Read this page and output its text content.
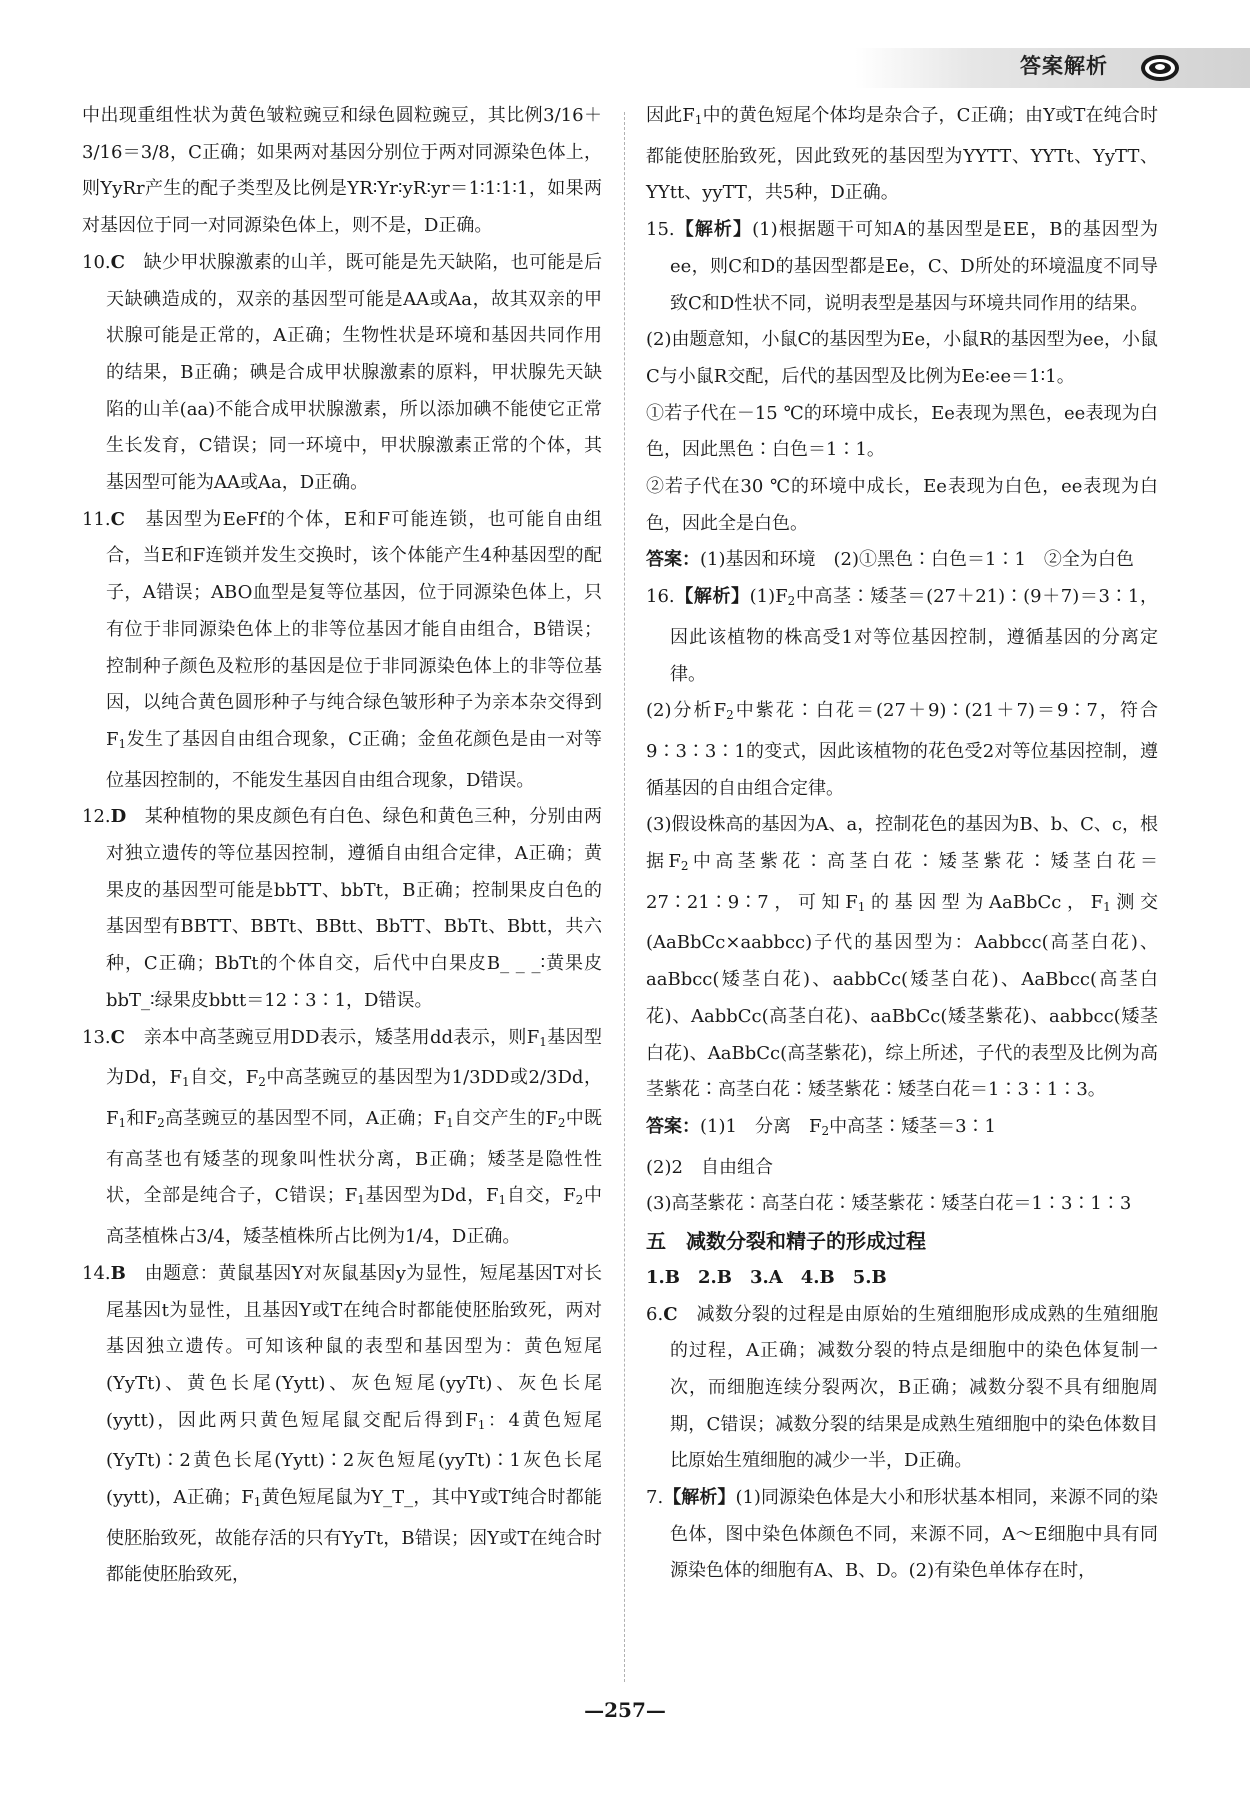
答案解析

中出现重组性状为黄色皱粒豌豆和绿色圆粒豌豆，其比例3/16＋3/16＝3/8，C正确；如果两对基因分别位于两对同源染色体上，则YyRr产生的配子类型及比例是YR∶Yr∶yR∶yr＝1∶1∶1∶1，如果两对基因位于同一对同源染色体上，则不是，D正确。

10.C　 缺少甲状腺激素的山羊，既可能是先天缺陷，也可能是后天缺碘造成的，双亲的基因型可能是AA或Aa，故其双亲的甲状腺可能是正常的，A正确；生物性状是环境和基因共同作用的结果，B正确；碘是合成甲状腺激素的原料，甲状腺先天缺陷的山羊(aa)不能合成甲状腺激素，所以添加碘不能使它正常生长发育，C错误；同一环境中，甲状腺激素正常的个体，其基因型可能为AA或Aa，D正确。

11.C　 基因型为EeFf的个体，E和F可能连锁，也可能自由组合，当E和F连锁并发生交换时，该个体能产生4种基因型的配子，A错误；ABO血型是复等位基因，位于同源染色体上，只有位于非同源染色体上的非等位基因才能自由组合，B错误；控制种子颜色及粒形的基因是位于非同源染色体上的非等位基因，以纯合黄色圆形种子与纯合绿色皱形种子为亲本杂交得到$F_1$发生了基因自由组合现象，C正确；金鱼花颜色是由一对等位基因控制的，不能发生基因自由组合现象，D错误。

12.D　 某种植物的果皮颜色有白色、绿色和黄色三种，分别由两对独立遗传的等位基因控制，遵循自由组合定律，A正确；黄果皮的基因型可能是bbTT、bbTt，B正确；控制果皮白色的基因型有BBTT、BBTt、BBtt、BbTT、BbTt、Bbtt，共六种，C正确；BbTt的个体自交，后代中白果皮B_ _ _∶黄果皮bbT_∶绿果皮bbtt＝12∶3∶1，D错误。

13.C　 亲本中高茎豌豆用DD表示，矮茎用dd表示，则$F_1$基因型为Dd，$F_1$自交，$F_2$中高茎豌豆的基因型为1/3DD或2/3Dd，$F_1$和$F_2$高茎豌豆的基因型不同，A正确；$F_1$自交产生的$F_2$中既有高茎也有矮茎的现象叫性状分离，B正确；矮茎是隐性性状，全部是纯合子，C错误；$F_1$基因型为Dd，$F_1$自交，$F_2$中高茎植株占3/4，矮茎植株所占比例为1/4，D正确。

14.B　 由题意：黄鼠基因Y对灰鼠基因y为显性，短尾基因T对长尾基因t为显性，且基因Y或T在纯合时都能使胚胎致死，两对基因独立遗传。可知该种鼠的表型和基因型为：黄色短尾(YyTt)、黄色长尾(Yytt)、灰色短尾(yyTt)、灰色长尾(yytt)，因此两只黄色短尾鼠交配后得到$F_1$：4黄色短尾(YyTt)∶2黄色长尾(Yytt)∶2灰色短尾(yyTt)∶1灰色长尾(yytt)，A正确；$F_1$黄色短尾鼠为Y_T_，其中Y或T纯合时都能使胚胎致死，故能存活的只有YyTt，B错误；因Y或T在纯合时都能使胚胎致死，

因此$F_1$中的黄色短尾个体均是杂合子，C正确；由Y或T在纯合时都能使胚胎致死，因此致死的基因型为YYTT、YYTt、YyTT、YYtt、yyTT，共5种，D正确。

15.【解析】(1)根据题干可知A的基因型是EE，B的基因型为ee，则C和D的基因型都是Ee，C、D所处的环境温度不同导致C和D性状不同，说明表型是基因与环境共同作用的结果。

(2)由题意知，小鼠C的基因型为Ee，小鼠R的基因型为ee，小鼠C与小鼠R交配，后代的基因型及比例为Ee∶ee＝1∶1。

①若子代在－15 ℃的环境中成长，Ee表现为黑色，ee表现为白色，因此黑色∶白色＝1∶1。

②若子代在30 ℃的环境中成长，Ee表现为白色，ee表现为白色，因此全是白色。

答案：(1)基因和环境　(2)①黑色∶白色＝1∶1　②全为白色

16.【解析】$(1)F_2$中高茎∶矮茎＝(27＋21)∶(9＋7)＝3∶1，因此该植物的株高受1对等位基因控制，遵循基因的分离定律。

(2)分析$F_2$中紫花∶白花＝(27＋9)∶(21＋7)＝9∶7，符合9∶3∶3∶1的变式，因此该植物的花色受2对等位基因控制，遵循基因的自由组合定律。

(3)假设株高的基因为A、a，控制花色的基因为B、b、C、c，根据$F_2$中高茎紫花∶高茎白花∶矮茎紫花∶矮茎白花＝27∶21∶9∶7，可知$F_1$的基因型为AaBbCc，$F_1$测交(AaBbCc×aabbcc)子代的基因型为：Aabbcc(高茎白花)、aaBbcc(矮茎白花)、aabbCc(矮茎白花)、AaBbcc(高茎白花)、AabbCc(高茎白花)、aaBbCc(矮茎紫花)、aabbcc(矮茎白花)、AaBbCc(高茎紫花)，综上所述，子代的表型及比例为高茎紫花∶高茎白花∶矮茎紫花∶矮茎白花＝1∶3∶1∶3。

答案：(1)1　分离　$F_2$中高茎∶矮茎＝3∶1

(2)2　自由组合

(3)高茎紫花∶高茎白花∶矮茎紫花∶矮茎白花＝1∶3∶1∶3

五　减数分裂和精子的形成过程

1.B　2.B　3.A　4.B　5.B

6.C　 减数分裂的过程是由原始的生殖细胞形成成熟的生殖细胞的过程，A正确；减数分裂的特点是细胞中的染色体复制一次，而细胞连续分裂两次，B正确；减数分裂不具有细胞周期，C错误；减数分裂的结果是成熟生殖细胞中的染色体数目比原始生殖细胞的减少一半，D正确。

7.【解析】(1)同源染色体是大小和形状基本相同，来源不同的染色体，图中染色体颜色不同，来源不同，A～E细胞中具有同源染色体的细胞有A、B、D。(2)有染色单体存在时，

—257—
